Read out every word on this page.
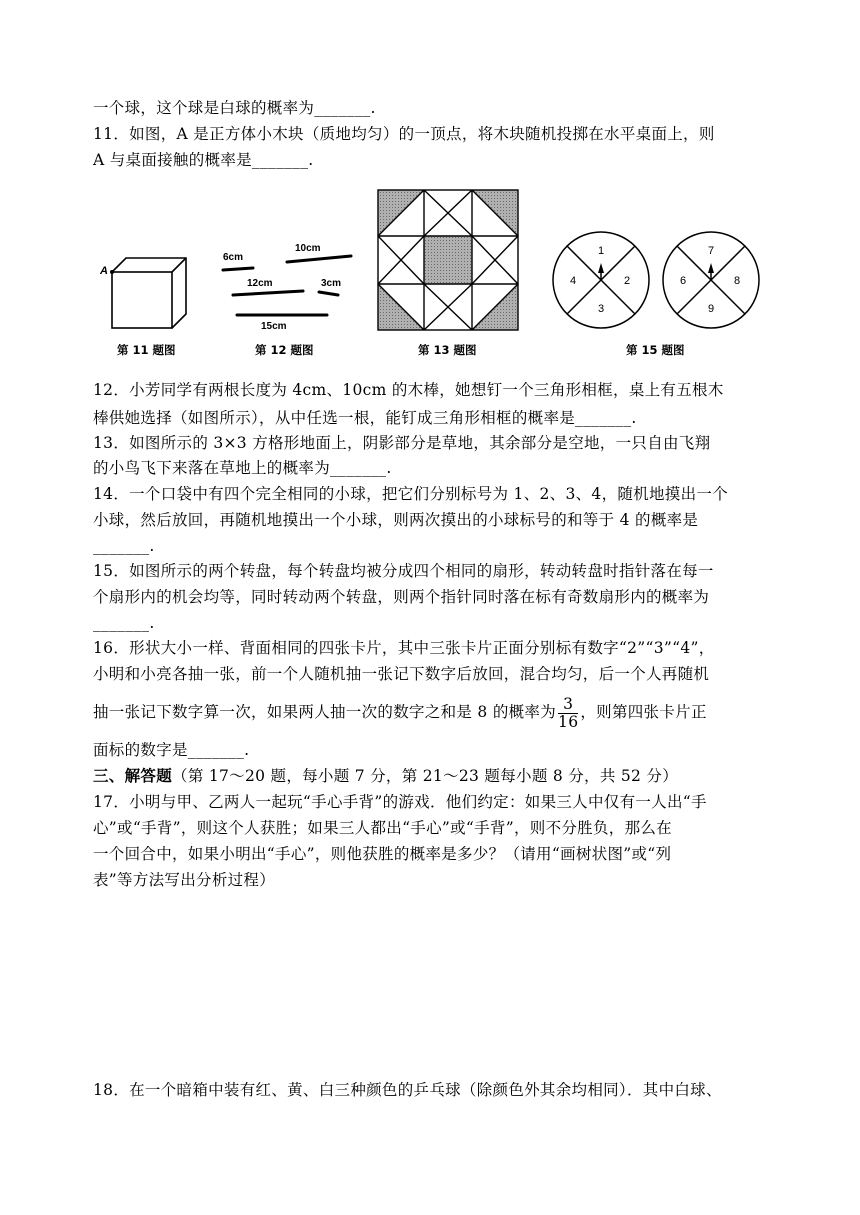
一个球，这个球是白球的概率为_______.
11．如图，A 是正方体小木块（质地均匀）的一顶点，将木块随机投掷在水平桌面上，则
A 与桌面接触的概率是_______.
A
第 11 题图
6cm
10cm
12cm	3cm
15cm
第 12 题图	第 13 题图
1
2
3
4
7
8
9
6
第 15 题图
12．小芳同学有两根长度为 4cm、10cm 的木棒，她想钉一个三角形相框，桌上有五根木
棒供她选择（如图所示），从中任选一根，能钉成三角形相框的概率是_______.
13．如图所示的 3×3 方格形地面上，阴影部分是草地，其余部分是空地，一只自由飞翔
的小鸟飞下来落在草地上的概率为_______.
14．一个口袋中有四个完全相同的小球，把它们分别标号为 1、2、3、4，随机地摸出一个
小球，然后放回，再随机地摸出一个小球，则两次摸出的小球标号的和等于 4 的概率是
_______.
15．如图所示的两个转盘，每个转盘均被分成四个相同的扇形，转动转盘时指针落在每一
个扇形内的机会均等，同时转动两个转盘，则两个指针同时落在标有奇数扇形内的概率为
_______.
16．形状大小一样、背面相同的四张卡片，其中三张卡片正面分别标有数字“2”“3”“4”，
小明和小亮各抽一张，前一个人随机抽一张记下数字后放回，混合均匀，后一个人再随机
抽一张记下数字算一次，如果两人抽一次的数字之和是 8 的概率为 $\frac{3}{16}$ ，则第四张卡片正
面标的数字是_______.
三、解答题（第 17～20 题，每小题 7 分，第 21～23 题每小题 8 分，共 52 分）
17．小明与甲、乙两人一起玩“手心手背”的游戏．他们约定：如果三人中仅有一人出“手
心”或“手背”，则这个人获胜；如果三人都出“手心”或“手背”，则不分胜负，那么在
一个回合中，如果小明出“手心”，则他获胜的概率是多少？（请用“画树状图”或“列
表”等方法写出分析过程）
18．在一个暗箱中装有红、黄、白三种颜色的乒乓球（除颜色外其余均相同）．其中白球、
